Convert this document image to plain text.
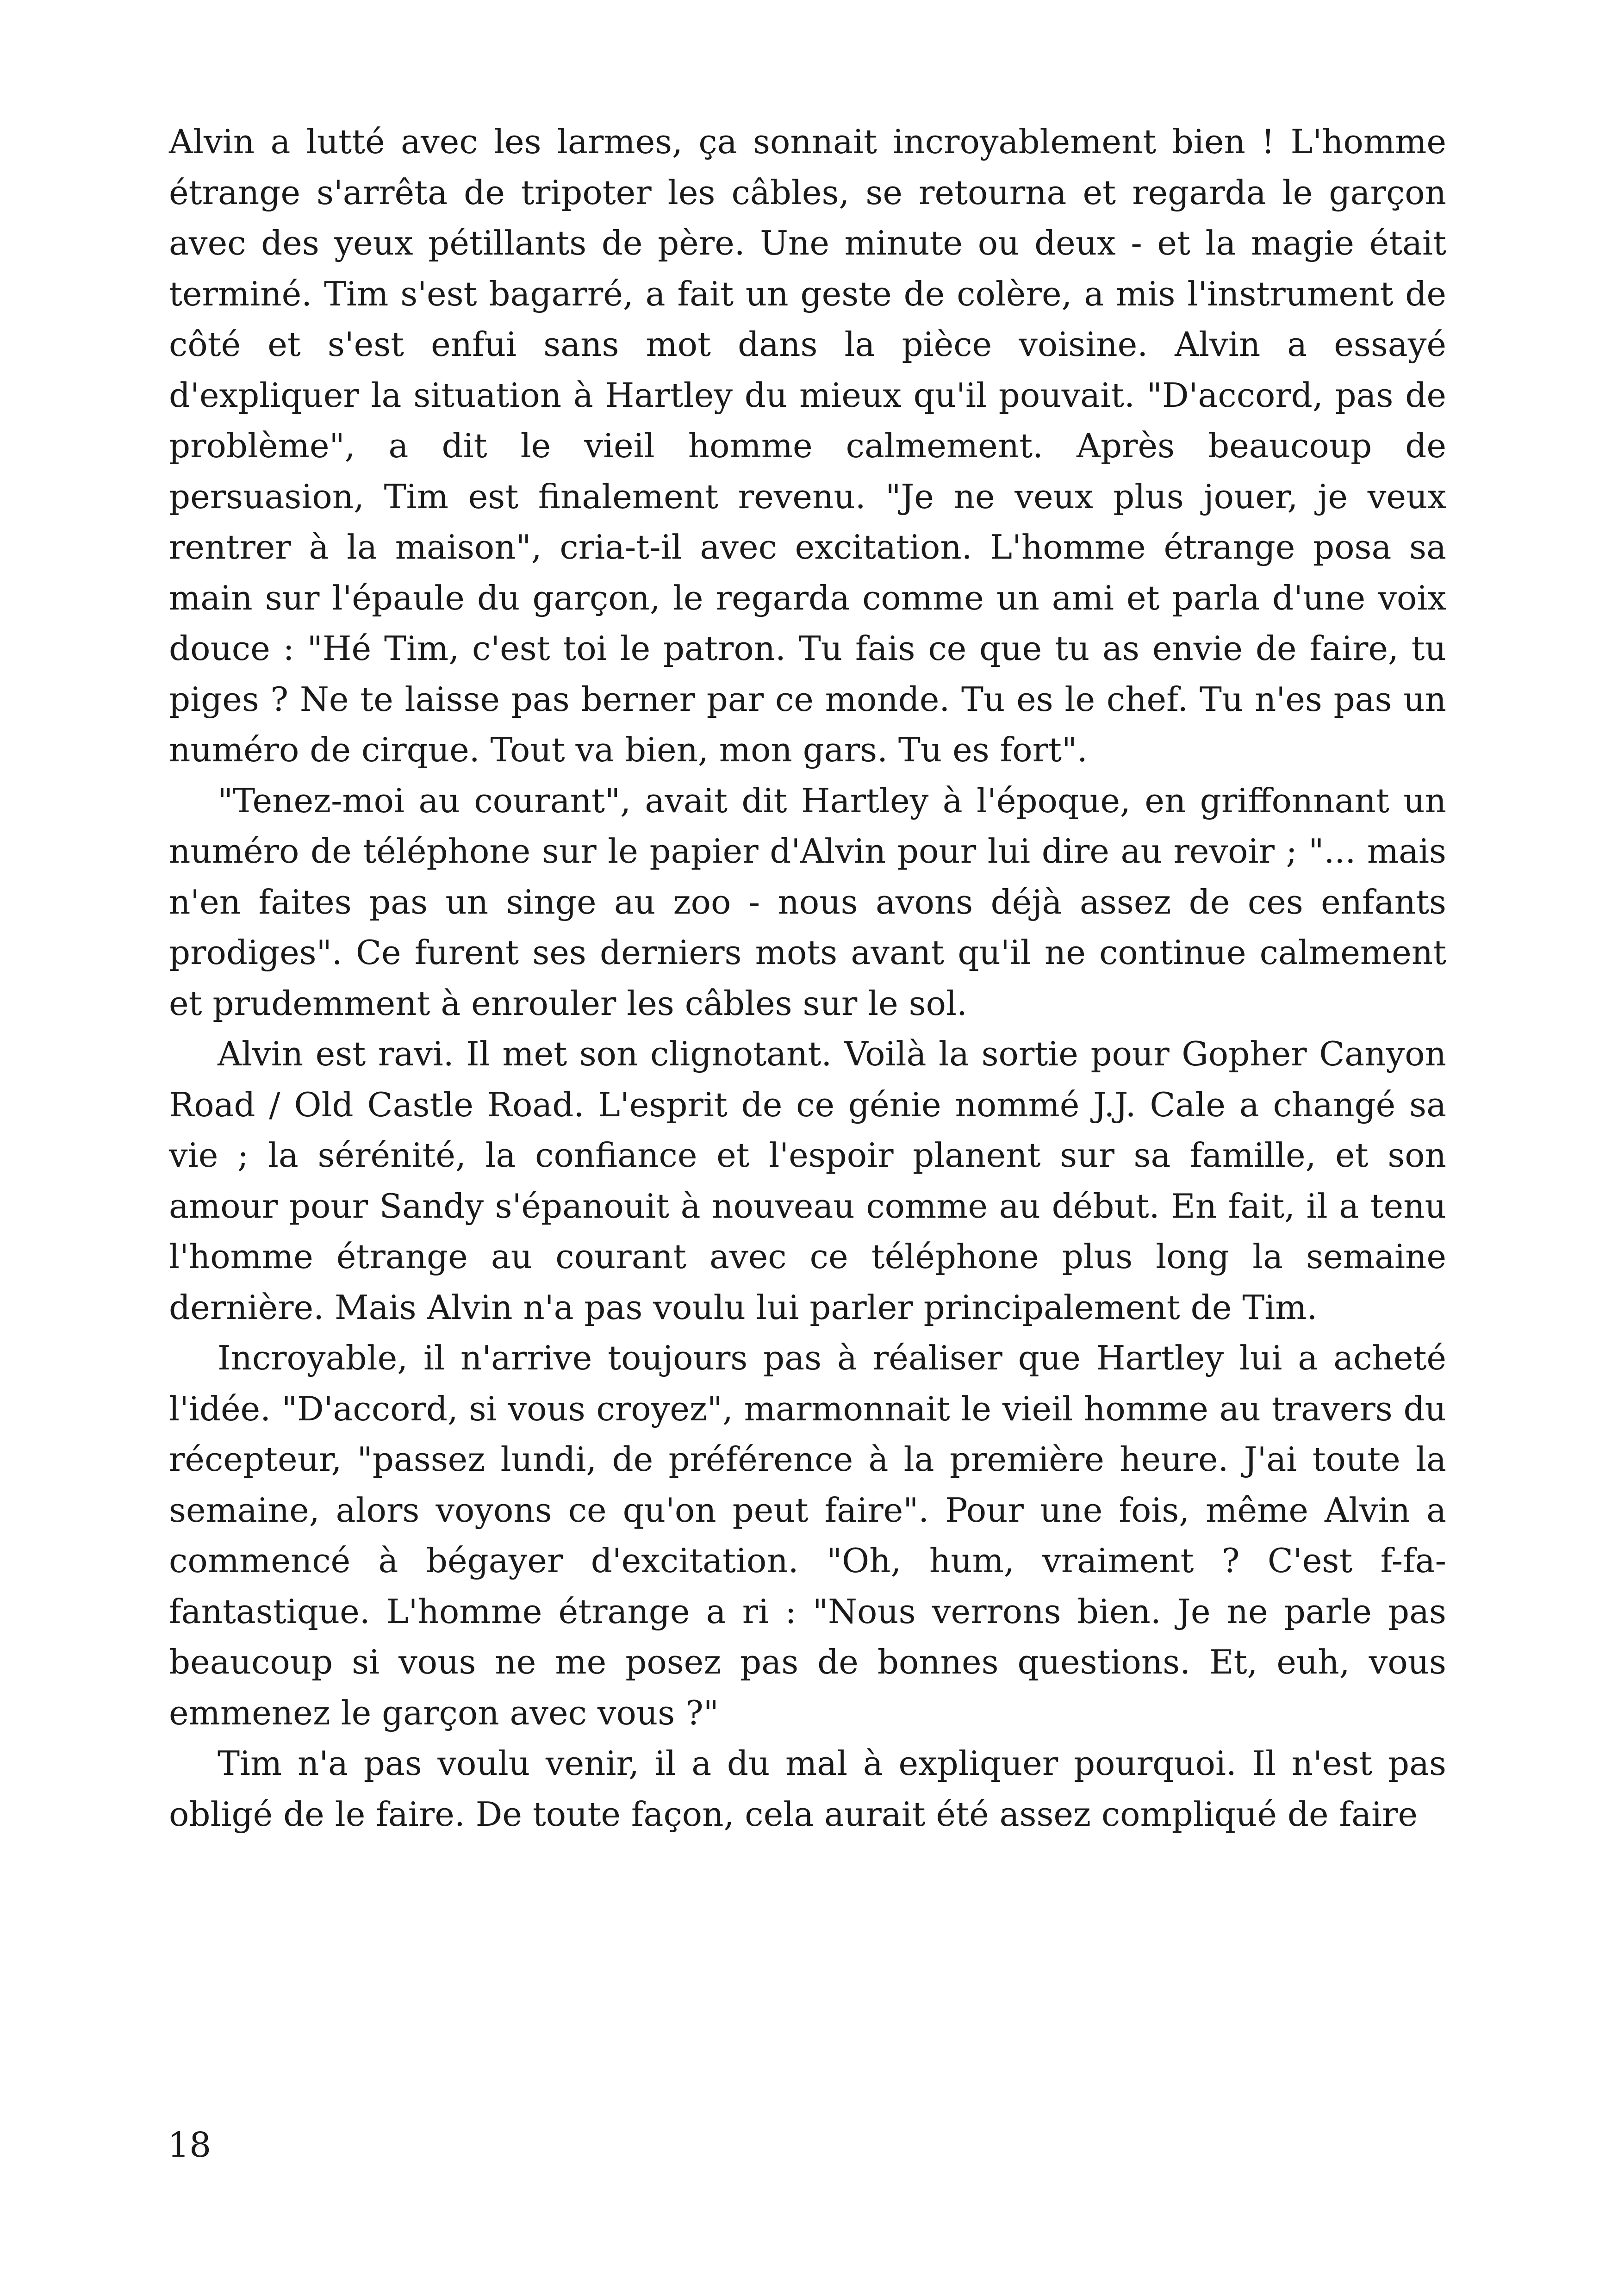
Alvin a lutté avec les larmes, ça sonnait incroyablement bien ! L'homme étrange s'arrêta de tripoter les câbles, se retourna et regarda le garçon avec des yeux pétillants de père. Une minute ou deux - et la magie était terminé. Tim s'est bagarré, a fait un geste de colère, a mis l'instrument de côté et s'est enfui sans mot dans la pièce voisine. Alvin a essayé d'expliquer la situation à Hartley du mieux qu'il pouvait. "D'accord, pas de problème", a dit le vieil homme calmement. Après beaucoup de persuasion, Tim est finalement revenu. "Je ne veux plus jouer, je veux rentrer à la maison", cria-t-il avec excitation. L'homme étrange posa sa main sur l'épaule du garçon, le regarda comme un ami et parla d'une voix douce : "Hé Tim, c'est toi le patron. Tu fais ce que tu as envie de faire, tu piges ? Ne te laisse pas berner par ce monde. Tu es le chef. Tu n'es pas un numéro de cirque. Tout va bien, mon gars. Tu es fort".

"Tenez-moi au courant", avait dit Hartley à l'époque, en griffonnant un numéro de téléphone sur le papier d'Alvin pour lui dire au revoir ; "... mais n'en faites pas un singe au zoo - nous avons déjà assez de ces enfants prodiges". Ce furent ses derniers mots avant qu'il ne continue calmement et prudemment à enrouler les câbles sur le sol.

Alvin est ravi. Il met son clignotant. Voilà la sortie pour Gopher Canyon Road / Old Castle Road. L'esprit de ce génie nommé J.J. Cale a changé sa vie ; la sérénité, la confiance et l'espoir planent sur sa famille, et son amour pour Sandy s'épanouit à nouveau comme au début. En fait, il a tenu l'homme étrange au courant avec ce téléphone plus long la semaine dernière. Mais Alvin n'a pas voulu lui parler principalement de Tim.

Incroyable, il n'arrive toujours pas à réaliser que Hartley lui a acheté l'idée. "D'accord, si vous croyez", marmonnait le vieil homme au travers du récepteur, "passez lundi, de préférence à la première heure. J'ai toute la semaine, alors voyons ce qu'on peut faire". Pour une fois, même Alvin a commencé à bégayer d'excitation. "Oh, hum, vraiment ? C'est f-fa-fantastique. L'homme étrange a ri : "Nous verrons bien. Je ne parle pas beaucoup si vous ne me posez pas de bonnes questions. Et, euh, vous emmenez le garçon avec vous ?"

Tim n'a pas voulu venir, il a du mal à expliquer pourquoi. Il n'est pas obligé de le faire. De toute façon, cela aurait été assez compliqué de faire

18
